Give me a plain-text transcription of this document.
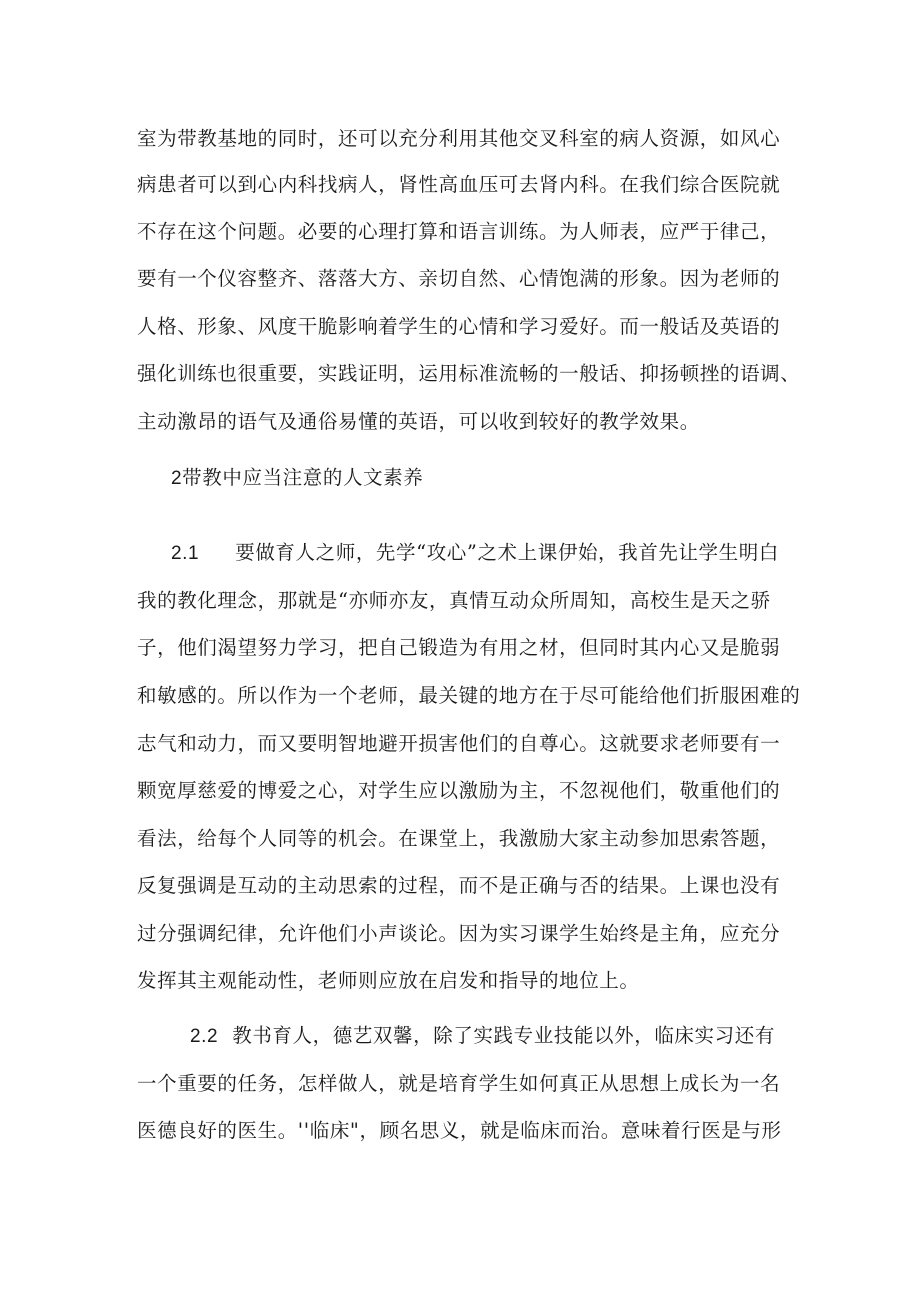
室为带教基地的同时，还可以充分利用其他交叉科室的病人资源，如风心
病患者可以到心内科找病人，肾性高血压可去肾内科。在我们综合医院就
不存在这个问题。必要的心理打算和语言训练。为人师表，应严于律己，
要有一个仪容整齐、落落大方、亲切自然、心情饱满的形象。因为老师的
人格、形象、风度干脆影响着学生的心情和学习爱好。而一般话及英语的
强化训练也很重要，实践证明，运用标准流畅的一般话、抑扬顿挫的语调、
主动激昂的语气及通俗易懂的英语，可以收到较好的教学效果。
2带教中应当注意的人文素养
2.1 要做育人之师，先学“攻心”之术上课伊始，我首先让学生明白
我的教化理念，那就是“亦师亦友，真情互动众所周知，高校生是天之骄
子，他们渴望努力学习，把自己锻造为有用之材，但同时其内心又是脆弱
和敏感的。所以作为一个老师，最关键的地方在于尽可能给他们折服困难的
志气和动力，而又要明智地避开损害他们的自尊心。这就要求老师要有一
颗宽厚慈爱的博爱之心，对学生应以激励为主，不忽视他们，敬重他们的
看法，给每个人同等的机会。在课堂上，我激励大家主动参加思索答题，
反复强调是互动的主动思索的过程，而不是正确与否的结果。上课也没有
过分强调纪律，允许他们小声谈论。因为实习课学生始终是主角，应充分
发挥其主观能动性，老师则应放在启发和指导的地位上。
2.2 教书育人，德艺双馨，除了实践专业技能以外，临床实习还有
一个重要的任务，怎样做人，就是培育学生如何真正从思想上成长为一名
医德良好的医生。''临床"，顾名思义，就是临床而治。意味着行医是与形
